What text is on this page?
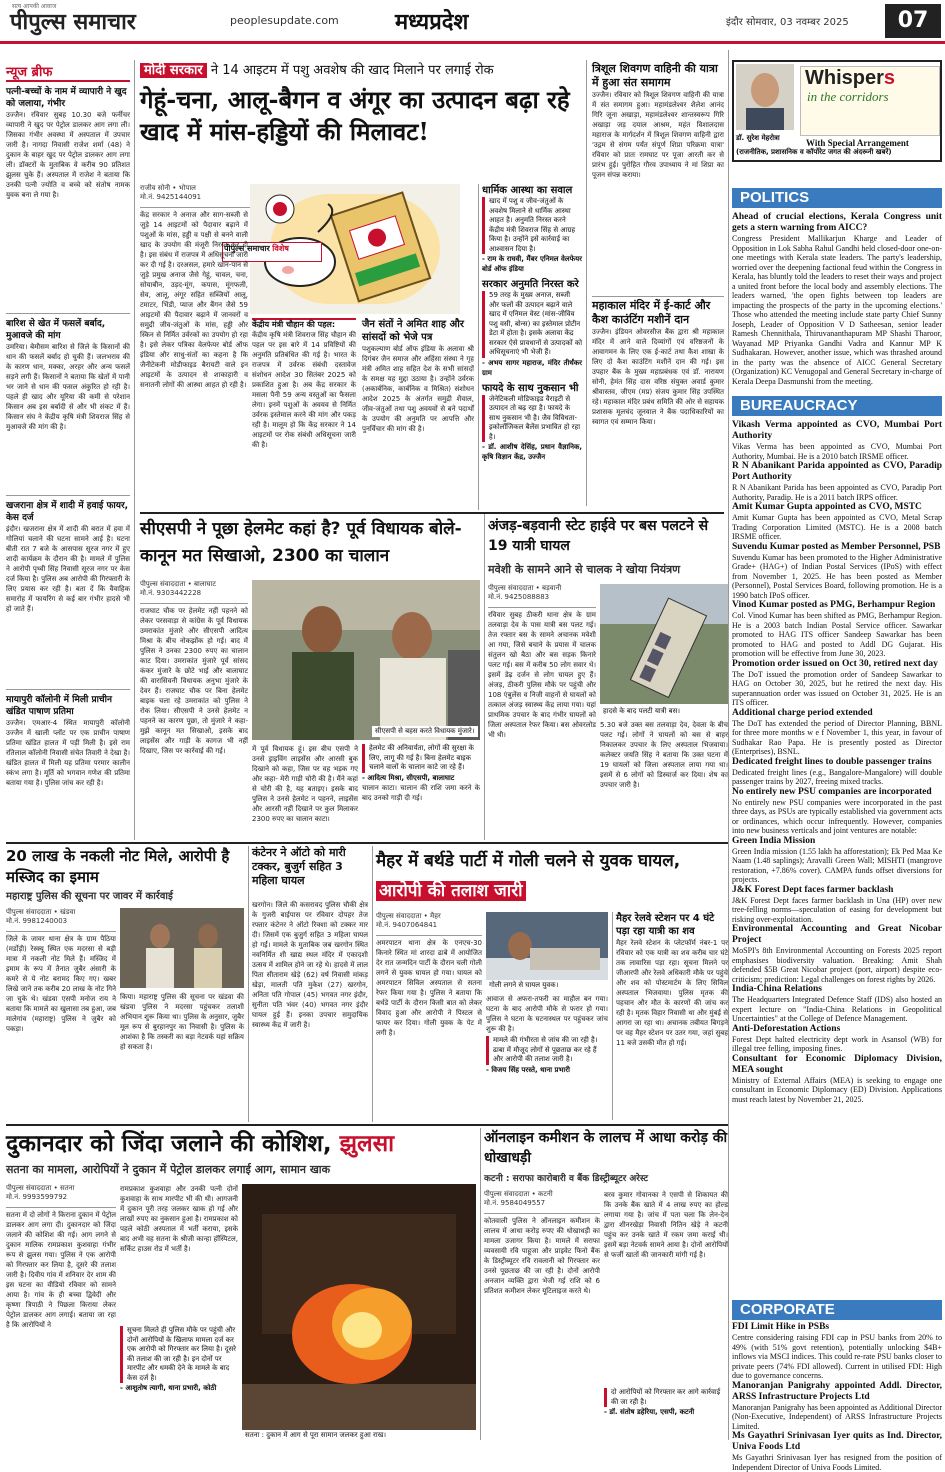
सत्य आपकी आवाज
पीपुल्स समाचार	peoplesupdate.com	मध्यप्रदेश	इंदौर सोमवार, 03 नवम्बर 2025	07
न्यूज ब्रीफ
पत्नी-बच्चों के नाम में व्यापारी ने खुद को जलाया, गंभीर
उज्जैन। रविवार सुबह 10.30 बजे फर्नीचर व्यापारी ने खुद पर पेट्रोल डालकर आग लगा ली। जिसका गंभीर अवस्था में अस्पताल में उपचार जारी है। नागदा निवासी राजेश शर्मा (48) ने दुकान के बाहर खुद पर पेट्रोल डालकर आग लगा ली। डॉक्टरों के मुताबिक वे करीब 90 प्रतिशत झुलस चुके हैं। अस्पताल में राजेश ने बताया कि उनकी पत्नी ज्योति व बच्चे को संतोष नामक युवक बना ले गया है।
बारिश से खेत में फसलें बर्बाद, मुआवजे की मांग
उमरिया। बेमौसम बारिश से जिले के किसानों की धान की फसलें बर्बाद हो चुकी हैं। जलभराव की के कारण धान, मक्का, अरहर और अन्य फसलें सड़ने लगी हैं। किसानों ने बताया कि खेतों में पानी भर जाने से धान की फसल अंकुरित हो रही है। पहले ही खाद और यूरिया की कमी से परेशान किसान अब इस बर्बादी से और भी संकट में हैं। किसान संघ ने केंद्रीय कृषि मंत्री शिवराज सिंह से मुआवजे की मांग की है।
खजराना क्षेत्र में शादी में हवाई फायर, केस दर्ज
इंदौर। खजराना क्षेत्र में शादी की बरात में हवा में गोलियां चलाने की घटना सामने आई है। घटना बीती रात 7 बजे के आसपास सूरज नगर में हुए शादी कार्यक्रम के दौरान की है। मामले में पुलिस ने आरोपी पृथ्वी सिंह निवासी सूरज नगर पर केस दर्ज किया है। पुलिस अब आरोपी की गिरफ्तारी के लिए प्रयास कर रही है। बता दें कि वैवाहिक समारोह में फायरिंग से कई बार गंभीर हादसे भी हो जाते हैं।
मायापुरी कॉलोनी में मिली प्राचीन खंडित पाषाण प्रतिमा
उज्जैन। एमआर-4 स्थित मायापुरी कॉलोनी उज्जैन में खाली प्लॉट पर एक प्राचीन पाषाण प्रतिमा खंडित हालत में पड़ी मिली है। इसे राम रतिलाल कॉलोनी निवासी संचेत तिवारी ने देखा है। खंडित हालत में मिली यह प्रतिमा परमार कालीन स्कंभ लगा है। मूर्ति को भगवान गणेश की प्रतिमा बताया गया है। पुलिस जांच कर रही है।
मोदी सरकार ने 14 आइटम में पशु अवशेष की खाद मिलाने पर लगाई रोक
गेहूं-चना, आलू-बैगन व अंगूर का उत्पादन बढ़ा रहे खाद में मांस-हड्डियों की मिलावट!
राजीव सोनी • भोपाल
मो.नं. 9425144091
पीपुल्स समाचार विशेष
केंद्र सरकार ने अनाज और साग-सब्जी से जुड़े 14 आइटमों को पैदावार बढ़ाने में पशुओं के मांस, हड्डी व पक्षी से बनने वाली खाद के उपयोग की मंजूरी निरस्त कर दी है। इस संबंध में राजपत्र में अधिसूचना जारी कर दी गई है। दरअसल, हमारे खान-पान से जुड़े प्रमुख अनाज जैसे गेहूं, चावल, चना, सोयाबीन, उड़द-मूंग, कपास, मूंगफली, सेव, आलू, अंगूर सहित सब्जियों आलू, टमाटर, भिंडी, प्याज और बैंगन जैसे 59 आइटमों की पैदावार बढ़ाने में जानवरों व समुद्री जीव-जंतुओं के मांस, हड्डी और स्किन से निर्मित उर्वरकों का उपयोग हो रहा है। इसे लेकर पत्रिका वेलफेयर बोर्ड ऑफ इंडिया और साधु-संतों का कहना है कि जैनीटेकनी मोडीफाइड बैरायटी वाले इन आइटमों के उत्पादन से शाकाहारी व सनातनी लोगों की आस्था आहत हो रही है।
केंद्रीय मंत्री चौहान की पहल:
केंद्रीय कृषि मंत्री शिवराज सिंह चौहान की पहल पर इस बारे में 14 प्रविष्टियों की अनुमति प्रतिबंधित की गई है। भारत के राजपत्र में उर्वरक संबंधी दस्तावेज संशोधन आदेश 30 सितंबर 2025 को प्रकाशित हुआ है। अब केंद्र सरकार के मसला पैनी 59 अन्य वस्तुओं का फैसला लेगा। इनमें पशुओं के अवयव से निर्मित उर्वरक इस्तेमाल करने की मांग और पकड़ रही है। मालूम हो कि केंद्र सरकार ने 14 आइटमों पर रोक संबंधी अधिसूचना जारी की है।
जैन संतों ने अमित शाह और सांसदों को भेजे पत्र
पशुकल्याण बोर्ड ऑफ इंडिया के अलावा श्री दिगंबर जैन समाज और अहिंसा संस्था ने गृह मंत्री अमित शाह सहित देश के सभी सांसदों के समक्ष यह मुद्दा उठाया है। उन्होंने उर्वरक (अकार्बनिक, कार्बनिक व मिश्रित) संशोधन आदेश 2025 के अंतर्गत समुद्री शैवाल, जीव-जंतुओं तथा पशु अवयवों से बने पदार्थों के उपयोग की अनुमति पर आपत्ति और पुनर्विचार की मांग की है।
धार्मिक आस्था का सवाल
खाद में पशु व जीव-जंतुओं के अवशेष मिलाने से धार्मिक आस्था आहत है। अनुमति निरस्त करने केंद्रीय मंत्री शिवराज सिंह से आग्रह किया है। उन्होंने इसे कार्रवाई का आश्वासन दिया है।
- राम के राघवी, मैंबर एनिमल वेलफेयर बोर्ड ऑफ इंडिया
सरकार अनुमति निरस्त करे
59 तरह के मुख्य अनाज, सब्जी और फलों की उत्पादन बढ़ाने वाले खाद में एनिमल वेस्ट (मांस-जीविव पशु वसी, बोन्स) का इस्तेमाल प्रोटीन डेटा में होता है। इसके अलावा केंद्र सरकार ऐसे प्रावधानों से उत्पादकों को अधिसूचनाएं भी भेजी हैं।
- अभय सागर महाराज, मंदिर तीर्थंकर ग्राम
फायदे के साथ नुकसान भी
जेनेटिकली मोडिफाइड वैराइटी से उत्पादन तो बढ़ रहा है। फायदे के साथ नुकसान भी है। जैव विविधता-इकोलॉजिकल बैलेंस प्रभावित हो रहा है।
- डॉ. आशीष देसिंह, प्रधान वैज्ञानिक, कृषि विज्ञान केंद्र, उज्जैन
त्रिशूल शिवगण वाहिनी की यात्रा में हुआ संत समागम
उज्जैन। रविवार को त्रिशूल शिवगण वाहिनी की यात्रा में संत समागम हुआ। महामंडलेश्वर शैलेश आनंद गिरि जूना अखाड़ा, महामंडलेश्वर शान्तस्वरूप गिरि अखाड़ा जड़ दयाल आश्रम, महंत विशालदास महाराज के मार्गदर्शन में त्रिशूल शिवगण वाहिनी द्वारा 'उद्गम से संगम पर्यंत संपूर्ण शिप्रा परिक्रमा यात्रा' रविवार को प्रातः रामघाट पर पूजा आरती कर से प्रारंभ हुई। पुरोहित गौरव उपाध्याय ने मां शिप्रा का पूजन संपन्न कराया।
महाकाल मंदिर में ई-कार्ट और कैश काउंटिंग मशीनें दान
उज्जैन। इंडियन ओवरसीज बैंक द्वारा श्री महाकाल मंदिर में आने वाले दिव्यांगों एवं वरिष्ठजनों के आवागमन के लिए एक ई-कार्ट तथा कैश शाखा के लिए दो कैश काउंटिंग मशीनें दान की गई। इस उपहार बैंक के मुख्य महाप्रबंधक एवं डॉ. नारायण सोनी, हेमंत सिंह दास वरिष्ठ संयुक्त अवार्ड कुमार श्रीवास्तव, जीएम (मप्र) संजय कुमार सिंह उपस्थित रहे। महाकाल मंदिर प्रबंध समिति की ओर से सहायक प्रशासक मूलचंद जूनवाल ने बैंक पदाधिकारियों का स्वागत एवं सम्मान किया।
सीएसपी ने पूछा हेलमेट कहां है? पूर्व विधायक बोले- कानून मत सिखाओ, 2300 का चालान
पीपुल्स संवाददाता • बालाघाट
मो.नं. 9303442228
राजघाट चौक पर हेलमेट नहीं पहनने को लेकर परसवाड़ा से कांग्रेस के पूर्व विधायक उमराकांत मुंजारे और सीएसपी आदित्य मिश्रा के बीच नोकझोंक हो गई। बाद में पुलिस ने उनका 2300 रुपए का चालान काट दिया। उमराकांत मुंजारे पूर्व सांसद कंकर मुंजारे के छोटे भाई और बालाघाट की वारासिवनी विधायक अनुभा मुंजारे के देवर हैं। राजघाट चौक पर बिना हेलमेट बाइक चला रहे उमराकांत को पुलिस ने रोक लिया। सीएसपी ने उनसे हेलमेट न पहनने का कारण पूछा, तो मुंजारे ने कहा- मुझे कानून मत सिखाओ, इसके बाद लाइसेंस और गाड़ी के कागज भी नहीं दिखाए, जिस पर कार्रवाई की गई।
सीएसपी से बहस करते विधायक मुंजारे।
में पूर्व विधायक हूं। इस बीच एसपी ने उनसे ड्राइविंग लाइसेंस और आरसी बुक दिखाने को कहा, जिस पर वह भड़क गए और कहा- मेरी गाड़ी चोरी की है। मैंने कहां से चोरी की है, यह बताइए। इसके बाद पुलिस ने उनसे हेलमेट न पहनने, लाइसेंस और आरसी नहीं दिखाने पर कुल मिलाकर 2300 रुपए का चालान काटा।
हेलमेट की अनिवार्यता, लोगों की सुरक्षा के लिए, लागू की गई है। बिना हेलमेट बाइक चलाने वालों के चालान काटे जा रहे हैं।
- आदित्य मिश्रा, सीएसपी, बालाघाट
चालान काटा। चालान की राशि जमा करने के बाद उनको गाड़ी दी गई।
अंजड़-बड़वानी स्टेट हाईवे पर बस पलटने से 19 यात्री घायल
मवेशी के सामने आने से चालक ने खोया नियंत्रण
पीपुल्स संवाददाता • बड़वानी
मो.नं. 9425088883
रविवार सुबह ठीकरी थाना क्षेत्र के ग्राम तलवाड़ा देव के पास यात्री बस पलट गई। तेज रफ्तार बस के सामने अचानक मवेशी आ गया, जिसे बचाने के प्रयास में चालक संतुलन खो बैठा और बस सड़क किनारे पलट गई। बस में करीब 50 लोग सवार थे। इसमें डेढ़ दर्जन से लोग घायल हुए हैं। अंजड़, ठीकरी पुलिस मौके पर पहुंची और 108 एंबुलेंस व निजी वाहनों से घायलों को तत्काल अंजड़ स्वास्थ्य केंद्र लाया गया। यहां प्राथमिक उपचार के बाद गंभीर घायलों को जिला अस्पताल रेफर किया। बस ओवरलोड भी थी।
हादसे के बाद पलटी यात्री बस।
5.30 बजे उक्त बस तलवाड़ा देव, देवला के बीच पलट गई। लोगों ने घायलों को बस से बाहर निकालकर उपचार के लिए अस्पताल भिजवाया। कलेक्टर जयति सिंह ने बताया कि उक्त घटना में 19 घायलों को जिला अस्पताल लाया गया था। इसमें से 6 लोगों को डिस्चार्ज कर दिया। शेष का उपचार जारी है।
20 लाख के नकली नोट मिले, आरोपी है मस्जिद का इमाम
महाराष्ट्र पुलिस की सूचना पर जावर में कार्रवाई
पीपुल्स संवाददाता • खंडवा
मो.नं. 9981240003
जिले के जावर थाना क्षेत्र के ग्राम पैठिया (मर्डोड़ी) रेस्क्यू स्थित एक मदरसा से बड़ी मात्रा में नकली नोट मिले हैं। मस्जिद में इमाम के रूप में तैनात जुबैर अंसारी के कमरे से ये नोट बरामद किए गए। खबर लिखे जाने तक करीब 20 लाख के नोट गिने जा चुके थे। खंडवा एसपी मनोज राय ने बताया कि मामले का खुलासा तब हुआ, जब मालेगांव (महाराष्ट्र) पुलिस ने जुबैर को पकड़ा।
किया। महाराष्ट्र पुलिस की सूचना पर खंडवा की खंडवा पुलिस ने मदरसा पहुंचकर तलाशी अभियान शुरू किया था। पुलिस के अनुसार, जुबैर मूल रूप से बुरहानपुर का निवासी है। पुलिस के आशंका है कि तस्करी का बड़ा नेटवर्क यहां सक्रिय हो सकता है।
कंटेनर ने ऑटो को मारी टक्कर, बुजुर्ग सहित 3 महिला घायल
खरगोन। जिले की कसरावद पुलिस चौकी क्षेत्र के गुजरी बाईपास पर रविवार दोपहर तेज रफ्तार कंटेनर ने ऑटो रिक्शा को टक्कर मार दी। जिसमें एक बुजुर्ग सहित 3 महिला घायल हो गईं। मामले के मुताबिक जब खरगोन स्थित नवनिर्मित शी खाद्य स्थल मंदिर में एकादशी उत्सव में शामिल होने जा रहे थे। हादसे में लाल पिता सीताराम खेड़े (62) वर्ष निवासी मांकड़ खेड़ा, मालती पति मुकेश (27) खरगोन, अनिता पति गोपाल (45) भगवत नगर इंदौर, सुनीता पति भंवर (40) भगवत नगर इंदौर घायल हुई हैं। इनका उपचार समुदायिक स्वास्थ्य केंद्र में जारी है।
मैहर में बर्थडे पार्टी में गोली चलने से युवक घायल, आरोपी की तलाश जारी
पीपुल्स संवाददाता • मैहर
मो.नं. 9407064841
अमरपाटन थाना क्षेत्र के एनएच-30 किनारे स्थित मां शारदा ढाबे में आयोजित देर रात जन्मदिन पार्टी के दौरान चली गोली लगने से युवक घायल हो गया। घायल को अमरपाटन सिविल अस्पताल से सतना रेफर किया गया है। पुलिस ने बताया कि बर्थडे पार्टी के दौरान किसी बात को लेकर विवाद हुआ और आरोपी ने पिस्टल से फायर कर दिया। गोली युवक के पेट में लगी है।
गोली लगने से घायल युवक।
आवाज से अफरा-तफरी का माहौल बन गया। घटना के बाद आरोपी मौके से फरार हो गया। पुलिस ने घटना के घटनास्थल पर पहुंचकर जांच शुरू की है।
मामले की गंभीरता से जांच की जा रही है। ढाबा में मौजूद लोगों से पूछताछ कर रहे हैं और आरोपी की तलाश जारी है।
- विजय सिंह परस्ते, थाना प्रभारी
मैहर रेलवे स्टेशन पर 4 घंटे पड़ा रहा यात्री का शव
मैहर रेलवे स्टेशन के प्लेटफॉर्म नंबर-1 पर रविवार को एक यात्री का शव करीब चार घंटे तक लावारिस पड़ा रहा। सूचना मिलने पर जीआरपी और रेलवे अधिकारी मौके पर पहुंचे और शव को पोस्टमार्टम के लिए सिविल अस्पताल भिजवाया। पुलिस मृतक की पहचान और मौत के कारणों की जांच कर रही है। मृतक विहार निवासी था और मुंबई से आगरा जा रहा था। अचानक तबीयत बिगड़ने पर वह मैहर स्टेशन पर उतर गया, जहां सुबह 11 बजे उसकी मौत हो गई।
दुकानदार को जिंदा जलाने की कोशिश, झुलसा
सतना का मामला, आरोपियों ने दुकान में पेट्रोल डालकर लगाई आग, सामान खाक
पीपुल्स संवाददाता • सतना
मो.नं. 9993599792
सतना में दो लोगों ने किराना दुकान में पेट्रोल डालकर आग लगा दी। दुकानदार को जिंदा जलाने की कोशिश की गई। आग लगने से दुकान मालिक रामप्रकाश कुशवाहा गंभीर रूप से झुलस गया। पुलिस ने एक आरोपी को गिरफ्तार कर लिया है, दूसरे की तलाश जारी है। दिवीय गांव में शनिवार देर शाम की इस घटना का वीडियो रविवार को सामने आया है। गांव के ही बच्चा द्विवेदी और कृष्णा त्रिपाठी ने पिछला किराया लेकर पेट्रोल डालकर आग लगाई। बताया जा रहा है कि आरोपियों ने
रामप्रकाश कुशवाहा और उनकी पत्नी दोनों कुशवाहा के साथ मारपीट भी की थी। आगजनी में दुकान पूरी तरह जलकर खाक हो गई और लाखों रुपए का नुकसान हुआ है। रामप्रकाश को पहले कोठी अस्पताल में भर्ती कराया, इसके बाद अभी वह सतना के श्रीजी कान्हा हॉस्पिटल, सर्किट हाउस रोड में भर्ती है।
सूचना मिलते ही पुलिस मौके पर पहुंची और दोनों आरोपियों के खिलाफ मामला दर्ज कर एक आरोपी को गिरफ्तार कर लिया है। दूसरे की तलाश की जा रही है। इन दोनों पर मारपीट और धमकी देने के मामले के बाद केस दर्ज है।
- आशुतोष त्यागी, थाना प्रभारी, कोठी
सतना : दुकान में आग से पूरा सामान जलकर हुआ राख।
ऑनलाइन कमीशन के लालच में आधा करोड़ की धोखाधड़ी
कटनी : सराफा कारोबारी व बैंक डिस्ट्रीब्यूटर अरेस्ट
पीपुल्स संवाददाता • कटनी
मो.नं. 9584049557
कोतवाली पुलिस ने ऑनलाइन कमीशन के लालच में आधा करोड़ रुपए की धोखाधड़ी का मामला उजागर किया है। मामले में सराफा व्यवसायी रवि पाहूजा और प्राइवेट फिनो बैंक के डिस्ट्रीब्यूटर रवि रावलानी को गिरफ्तार कर उनसे पूछताछ की जा रही है। दोनों आरोपी अनजान व्यक्ति द्वारा भेजी गई राशि को 6 प्रतिशत कमीशन लेकर यूटिलाइज करते थे।
बरव कुमार गोवानका ने एसपी से शिकायत की कि उनके बैंक खाते में 4 लाख रुपए का होल्ड लगाया गया है। जांच में पता चला कि लेन-देन द्वारा शीनरखेड़ा निवासी नितिन खेड़े ने कटनी पहुंच कर उनके खाते में रकम जमा कराई थी। इसमें बड़ा नेटवर्क सामने आया है। दोनों आरोपियों से फर्जी खातों की जानकारी मांगी गई है।
दो आरोपियों को गिरफ्तार कर आगे कार्रवाई की जा रही है।
- डॉ. संतोष डहेरिया, एसपी, कटनी
Whispers
in the corridors
डॉ. सुरेश मेहरोत्रा	With Special Arrangement
(राजनीतिक, प्रशासनिक व कॉर्पोरेट जगत की अंदरूनी खबरें)
POLITICS
Ahead of crucial elections, Kerala Congress unit gets a stern warning from AICC?
Congress President Mallikarjun Kharge and Leader of Opposition in Lok Sabha Rahul Gandhi held closed-door one-on-one meetings with Kerala state leaders. The party's leadership, worried over the deepening factional feud within the Congress in Kerala, has bluntly told the leaders to reset their ways and project a united front before the local body and assembly elections. The leaders warned, 'the open fights between top leaders are impacting the prospects of the party in the upcoming elections.' Those who attended the meeting include state party Chief Sunny Joseph, Leader of Opposition V D Satheesan, senior leader Ramesh Chennithala, Thiruvananthapuram MP Shashi Tharoor, Wayanad MP Priyanka Gandhi Vadra and Kannur MP K Sudhakaran. However, another issue, which was thrashed around in the party was the absence of AICC General Secretary (Organization) KC Venugopal and General Secretary in-charge of Kerala Deepa Dasmunshi from the meeting.
BUREAUCRACY
Vikash Verma appointed as CVO, Mumbai Port Authority
Vikas Verma has been appointed as CVO, Mumbai Port Authority, Mumbai. He is a 2010 batch IRSME officer.
R N Abanikant Parida appointed as CVO, Paradip Port Authority
R N Abanikant Parida has been appointed as CVO, Paradip Port Authority, Paradip. He is a 2011 batch IRPS officer.
Amit Kumar Gupta appointed as CVO, MSTC
Amit Kumar Gupta has been appointed as CVO, Metal Scrap Trading Corporation Limited (MSTC). He is a 2008 batch IRSME officer.
Suvendu Kumar posted as Member Personnel, PSB
Suvendu Kumar has been promoted to the Higher Administrative Grade+ (HAG+) of Indian Postal Services (IPoS) with effect from November 1, 2025. He has been posted as Member (Personnel), Postal Services Board, following promotion. He is a 1990 batch IPoS officer.
Vinod Kumar posted as PMG, Berhampur Region
Col. Vinod Kumar has been shifted as PMG, Berhampur Region. He is a 2003 batch Indian Postal Service officer. Sawarkar promoted to HAG ITS officer Sandeep Sawarkar has been promoted to HAG and posted to Addl DG Gujarat. His promotion will be effective from June 30, 2023.
Promotion order issued on Oct 30, retired next day
The DoT issued the promotion order of Sandeep Sawarkar to HAG on October 30, 2025, but he retired the next day. His superannuation order was issued on October 31, 2025. He is an ITS officer.
Additional charge period extended
The DoT has extended the period of Director Planning, BBNL for three more months w e f November 1, this year, in favour of Sudhakar Rao Papa. He is presently posted as Director (Enterprises), BSNL.
Dedicated freight lines to double passenger trains
Dedicated freight lines (e.g., Bangalore-Mangalore) will double passenger trains by 2027, freeing mixed tracks.
No entirely new PSU companies are incorporated
No entirely new PSU companies were incorporated in the past three days, as PSUs are typically established via government acts or ordinances, which occur infrequently. However, companies into new business verticals and joint ventures are notable:
Green India Mission
Green India mission (1.55 lakh ha afforestation); Ek Ped Maa Ke Naam (1.48 saplings); Aravalli Green Wall; MISHTI (mangrove restoration, +7.86% cover). CAMPA funds offset diversions for projects.
J&K Forest Dept faces farmer backlash
J&K Forest Dept faces farmer backlash in Una (HP) over new tree-felling norms—speculation of easing for development but risking over-exploitation.
Environmental Accounting and Great Nicobar Project
MoSPI's 8th Environmental Accounting on Forests 2025 report emphasises biodiversity valuation. Breaking: Amit Shah defended $5B Great Nicobar project (port, airport) despite eco-criticism; prediction: Legal challenges on forest rights by 2026.
India-China Relations
The Headquarters Integrated Defence Staff (IDS) also hosted an expert lecture on "India-China Relations in Geopolitical Uncertainties" at the College of Defence Management.
Anti-Deforestation Actions
Forest Dept halted electricity dept work in Asansol (WB) for illegal tree felling, imposing fines.
Consultant for Economic Diplomacy Division, MEA sought
Ministry of External Affairs (MEA) is seeking to engage one consultant in Economic Diplomacy (ED) Division. Applications must reach latest by November 21, 2025.
CORPORATE
FDI Limit Hike in PSBs
Centre considering raising FDI cap in PSU banks from 20% to 49% (with 51% govt retention), potentially unlocking $4B+ inflows via MSCI indices. This could re-rate PSU banks closer to private peers (74% FDI allowed). Current in utilised FDI: High due to governance concerns.
Manoranjan Panigrahy appointed Addl. Director, ARSS Infrastructure Projects Ltd
Manoranjan Panigrahy has been appointed as Additional Director (Non-Executive, Independent) of ARSS Infrastructure Projects Limited.
Ms Gayathri Srinivasan Iyer quits as Ind. Director, Univa Foods Ltd
Ms Gayathri Srinivasan Iyer has resigned from the position of Independent Director of Univa Foods Limited.
